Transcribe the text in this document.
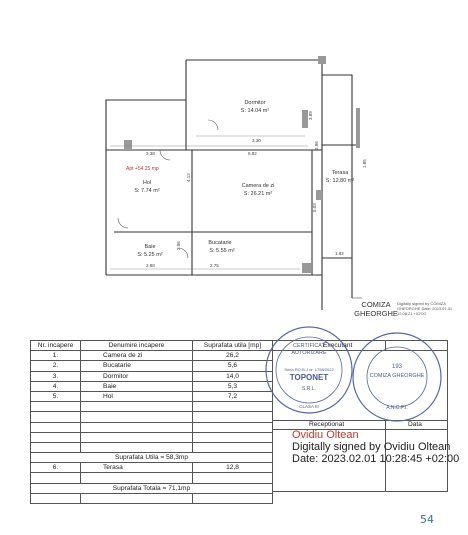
Dormitor
S: 14.04 m²
Camera de zi
S: 26.21 m²
Hol
S: 7.74 m²
Baie
S: 5.25 m²
Bucatarie
S: 5.55 m²
Terasa
S: 12.80 m²
Apt +54.25 mp
3.38	6.82
3.30
3.89
2.96
4.12
2.88	2.75
1.82
5.03
2.06
1.85
COMIZA
GHEORGHE
Digitally signed by COMIZA GHEORGHE Date: 2023.01.31 12:08:21 +02'00'
Nr. incapere	Denumire incapere	Suprafata utila [mp]
1.	Camera de zi	26,2
2.	Bucatarie	5,6
3.	Dormitor	14,0
4.	Baie	5,3
5.	Hol	7,2

Suprafata Utila = 58,3mp		
6.	Terasa	12,8

Suprafata Totala = 71,1mp		

Executant
Receptionat	Data
CERTIFICAT
AUTORIZARE
Seria RO-B-J nr. 1758/2022
TOPONET
S.R.L.
CLASA III
COMIZA GHEORGHE
193
A.N.C.P.I.
Ovidiu Oltean
Digitally signed by Ovidiu Oltean
Date: 2023.02.01 10:28:45 +02:00
54
